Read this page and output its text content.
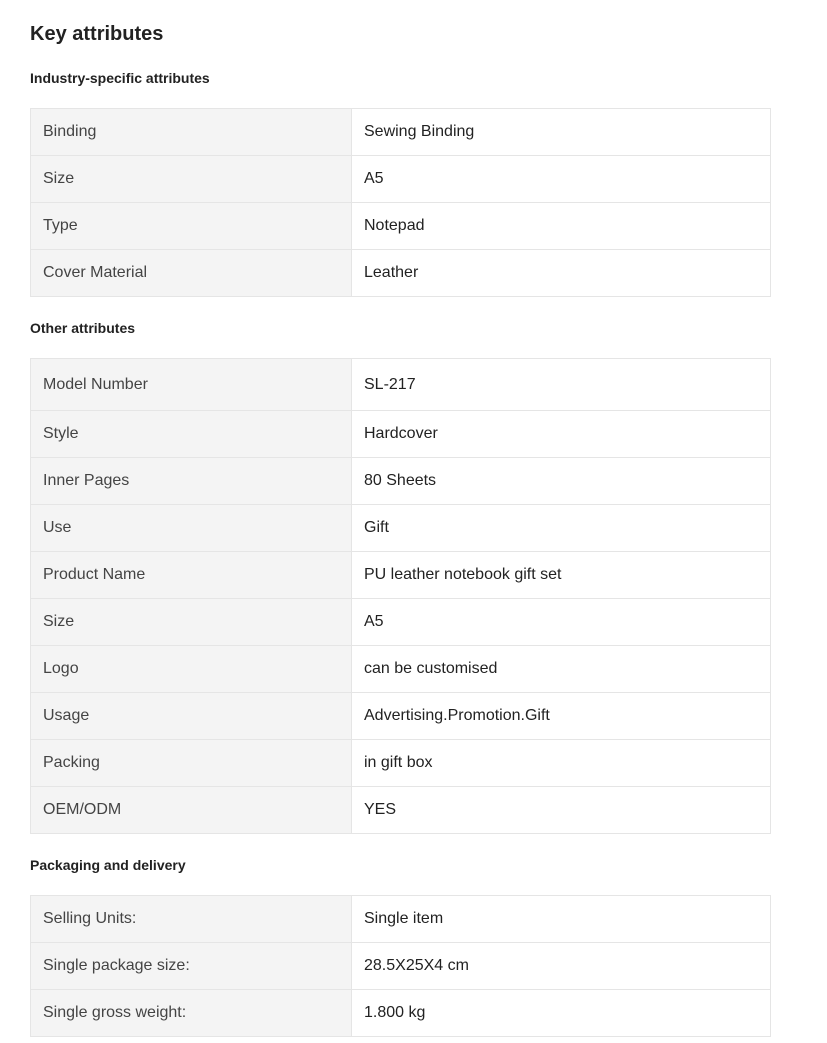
Key attributes
Industry-specific attributes
Binding	Sewing Binding
Size	A5
Type	Notepad
Cover Material	Leather
Other attributes
Model Number	SL-217
Style	Hardcover
Inner Pages	80 Sheets
Use	Gift
Product Name	PU leather notebook gift set
Size	A5
Logo	can be customised
Usage	Advertising.Promotion.Gift
Packing	in gift box
OEM/ODM	YES
Packaging and delivery
Selling Units:	Single item
Single package size:	28.5X25X4 cm
Single gross weight:	1.800 kg
